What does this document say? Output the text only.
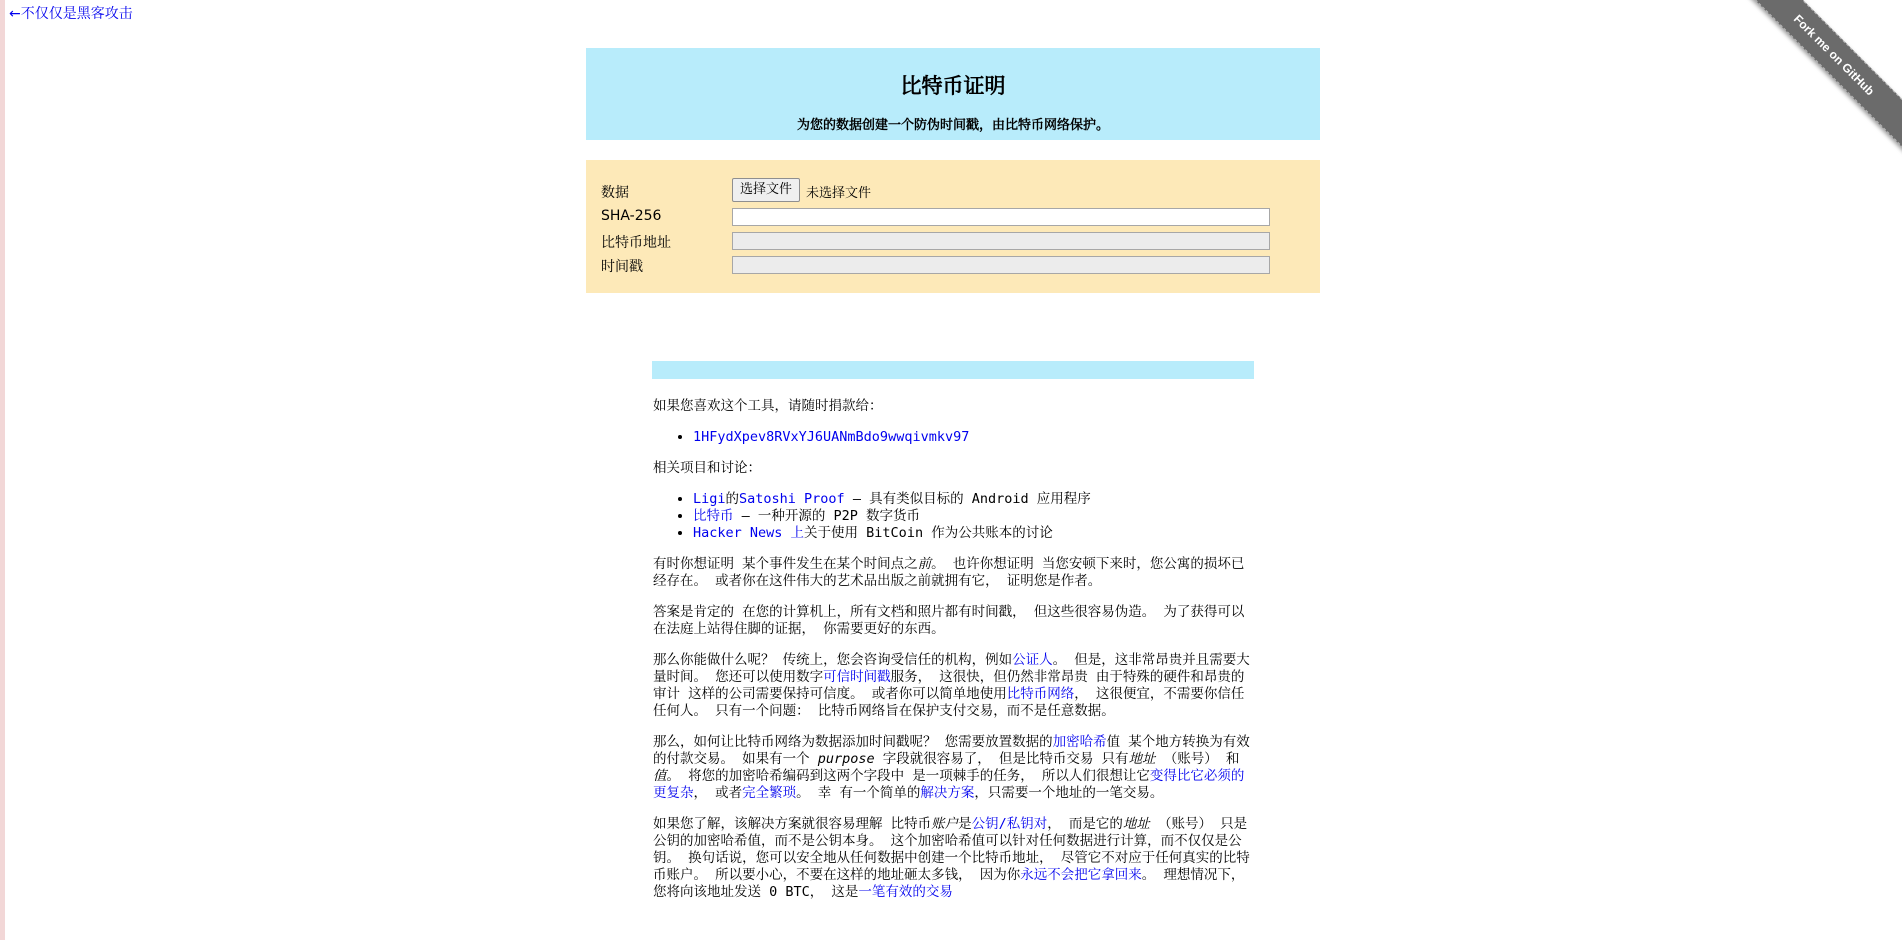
←不仅仅是黑客攻击	Fork me on GitHub
比特币证明
为您的数据创建一个防伪时间戳，由比特币网络保护。
数据	选择文件	未选择文件
SHA-256
比特币地址
时间戳

如果您喜欢这个工具，请随时捐款给：

• 1HFydXpev8RVxYJ6UANmBdo9wwqivmkv97

相关项目和讨论：

• Ligi的Satoshi Proof – 具有类似目标的 Android 应用程序
• 比特币 – 一种开源的 P2P 数字货币
• Hacker News 上关于使用 BitCoin 作为公共账本的讨论

有时你想证明 某个事件发生在某个时间点之前。 也许你想证明 当您安顿下来时，您公寓的损坏已经存在。 或者你在这件伟大的艺术品出版之前就拥有它， 证明您是作者。

答案是肯定的 在您的计算机上，所有文档和照片都有时间戳， 但这些很容易伪造。 为了获得可以在法庭上站得住脚的证据， 你需要更好的东西。

那么你能做什么呢？ 传统上，您会咨询受信任的机构，例如公证人。 但是，这非常昂贵并且需要大量时间。 您还可以使用数字可信时间戳服务， 这很快，但仍然非常昂贵 由于特殊的硬件和昂贵的审计 这样的公司需要保持可信度。 或者你可以简单地使用比特币网络， 这很便宜，不需要你信任任何人。 只有一个问题： 比特币网络旨在保护支付交易，而不是任意数据。

那么，如何让比特币网络为数据添加时间戳呢？ 您需要放置数据的加密哈希值 某个地方转换为有效的付款交易。 如果有一个 purpose 字段就很容易了， 但是比特币交易 只有地址 （账号） 和值。 将您的加密哈希编码到这两个字段中 是一项棘手的任务， 所以人们很想让它变得比它必须的更复杂， 或者完全繁琐。 幸 有一个简单的解决方案，只需要一个地址的一笔交易。

如果您了解，该解决方案就很容易理解 比特币账户是公钥/私钥对， 而是它的地址 （账号） 只是公钥的加密哈希值，而不是公钥本身。 这个加密哈希值可以针对任何数据进行计算，而不仅仅是公钥。 换句话说，您可以安全地从任何数据中创建一个比特币地址， 尽管它不对应于任何真实的比特币账户。 所以要小心，不要在这样的地址砸太多钱， 因为你永远不会把它拿回来。 理想情况下，您将向该地址发送 0 BTC， 这是一笔有效的交易
